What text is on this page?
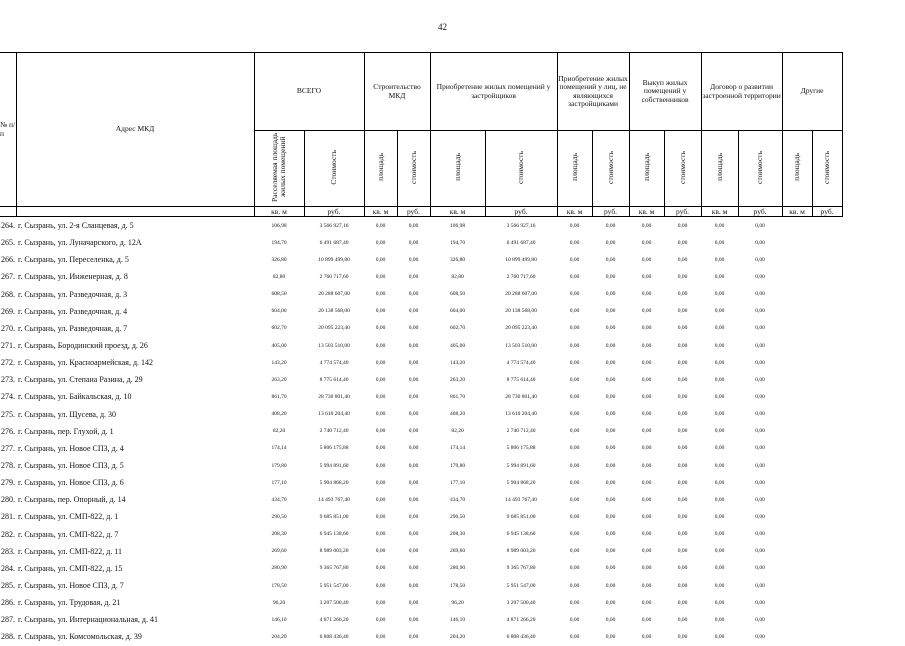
42
№ п/п	Адрес МКД	ВСЕГО		Строительство МКД		Приобретение жилых помещений у застройщиков		Приобретение жилых помещений у лиц, не являющихся застройщиками		Выкуп жилых помещений у собственников		Договор о развитии застроенной территории		Другие	
		Расселяемая площадь жилых помещений	Стоимость	площадь	стоимость	площадь	стоимость	площадь	стоимость	площадь	стоимость	площадь	стоимость	площадь	стоимость
		кв. м	руб.	кв. м	руб.	кв. м	руб.	кв. м	руб.	кв. м	руб.	кв. м	руб.	кв. м	руб.
264.	г. Сызрань, ул. 2-я Сланцевая, д. 5	106,98	3 566 927,16	0,00	0,00	106,98	3 566 927,16	0,00	0,00	0,00	0,00	0,00	0,00		
265.	г. Сызрань, ул. Луначарского, д. 12А	194,70	6 491 687,40	0,00	0,00	194,70	6 491 687,40	0,00	0,00	0,00	0,00	0,00	0,00		
266.	г. Сызрань, ул. Переселенка, д. 5	326,80	10 899 499,80	0,00	0,00	326,80	10 899 499,80	0,00	0,00	0,00	0,00	0,00	0,00		
267.	г. Сызрань, ул. Инженерная, д. 8	82,80	2 760 717,60	0,00	0,00	82,80	2 760 717,60	0,00	0,00	0,00	0,00	0,00	0,00		
268.	г. Сызрань, ул. Разведочная, д. 3	608,50	20 288 607,00	0,00	0,00	608,50	20 288 607,00	0,00	0,00	0,00	0,00	0,00	0,00		
269.	г. Сызрань, ул. Разведочная, д. 4	604,00	20 138 568,00	0,00	0,00	604,00	20 138 568,00	0,00	0,00	0,00	0,00	0,00	0,00		
270.	г. Сызрань, ул. Разведочная, д. 7	602,70	20 095 223,40	0,00	0,00	602,70	20 095 223,40	0,00	0,00	0,00	0,00	0,00	0,00		
271.	г. Сызрань, Бородинский проезд, д. 26	405,00	13 503 510,00	0,00	0,00	405,00	13 503 510,00	0,00	0,00	0,00	0,00	0,00	0,00		
272.	г. Сызрань, ул. Красноармейская, д. 142	143,20	4 774 574,40	0,00	0,00	143,20	4 774 574,40	0,00	0,00	0,00	0,00	0,00	0,00		
273.	г. Сызрань, ул. Степана Разина, д. 29	263,20	8 775 614,40	0,00	0,00	263,20	8 775 614,40	0,00	0,00	0,00	0,00	0,00	0,00		
274.	г. Сызрань, ул. Байкальская, д. 10	861,70	28 730 801,40	0,00	0,00	861,70	28 730 801,40	0,00	0,00	0,00	0,00	0,00	0,00		
275.	г. Сызрань, ул. Щусева, д. 30	408,20	13 610 204,40	0,00	0,00	408,20	13 610 204,40	0,00	0,00	0,00	0,00	0,00	0,00		
276.	г. Сызрань, пер. Глухой, д. 1	82,20	2 740 712,40	0,00	0,00	82,20	2 740 712,40	0,00	0,00	0,00	0,00	0,00	0,00		
277.	г. Сызрань, ул. Новое СПЗ, д. 4	174,14	5 806 175,88	0,00	0,00	174,14	5 806 175,88	0,00	0,00	0,00	0,00	0,00	0,00		
278.	г. Сызрань, ул. Новое СПЗ, д. 5	179,80	5 994 891,60	0,00	0,00	179,80	5 994 891,60	0,00	0,00	0,00	0,00	0,00	0,00		
279.	г. Сызрань, ул. Новое СПЗ, д. 6	177,10	5 904 868,20	0,00	0,00	177,10	5 904 868,20	0,00	0,00	0,00	0,00	0,00	0,00		
280.	г. Сызрань, пер. Опорный, д. 14	434,70	14 493 767,40	0,00	0,00	434,70	14 493 767,40	0,00	0,00	0,00	0,00	0,00	0,00		
281.	г. Сызрань, ул. СМП-822, д. 1	290,50	9 685 851,00	0,00	0,00	290,50	9 685 851,00	0,00	0,00	0,00	0,00	0,00	0,00		
282.	г. Сызрань, ул. СМП-822, д. 7	208,30	6 945 138,60	0,00	0,00	208,30	6 945 138,60	0,00	0,00	0,00	0,00	0,00	0,00		
283.	г. Сызрань, ул. СМП-822, д. 11	269,60	8 989 003,20	0,00	0,00	269,60	8 989 003,20	0,00	0,00	0,00	0,00	0,00	0,00		
284.	г. Сызрань, ул. СМП-822, д. 15	280,90	9 365 767,80	0,00	0,00	280,90	9 365 767,80	0,00	0,00	0,00	0,00	0,00	0,00		
285.	г. Сызрань, ул. Новое СПЗ, д. 7	178,50	5 951 547,00	0,00	0,00	178,50	5 951 547,00	0,00	0,00	0,00	0,00	0,00	0,00		
286.	г. Сызрань, ул. Трудовая, д. 21	96,20	3 207 500,40	0,00	0,00	96,20	3 207 500,40	0,00	0,00	0,00	0,00	0,00	0,00		
287.	г. Сызрань, ул. Интернациональная, д. 41	146,10	4 871 266,20	0,00	0,00	146,10	4 871 266,20	0,00	0,00	0,00	0,00	0,00	0,00		
288.	г. Сызрань, ул. Комсомольская, д. 39	204,20	6 808 436,40	0,00	0,00	204,20	6 808 436,40	0,00	0,00	0,00	0,00	0,00	0,00		
